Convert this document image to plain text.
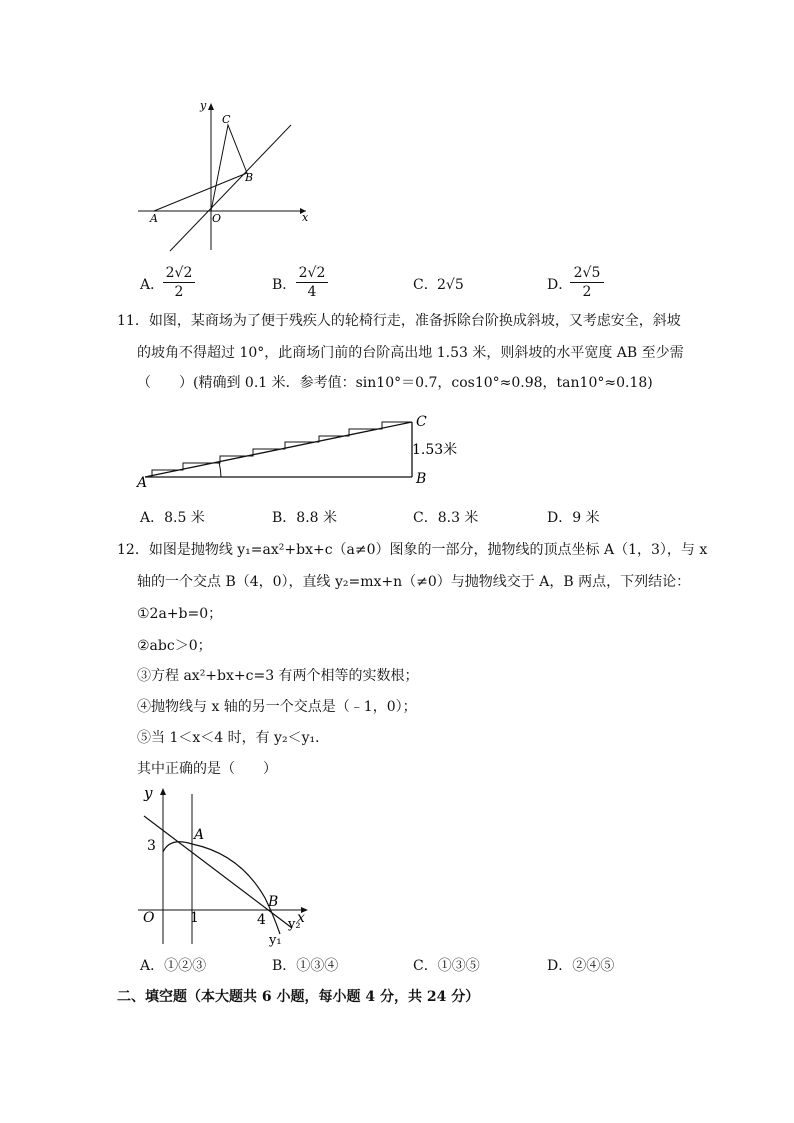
y
x
O
A
B
C
A．
$\frac{2√2}{2}$	B． $\frac{2√2}{4}$	C． 2√5	D．
$\frac{2√5}{2}$
11．如图，某商场为了便于残疾人的轮椅行走，准备拆除台阶换成斜坡，又考虑安全，斜坡
的坡角不得超过 10°，此商场门前的台阶高出地 1.53 米，则斜坡的水平宽度 AB 至少需
（　　）(精确到 0.1 米．参考值：sin10°＝0.7，cos10°≈0.98，tan10°≈0.18)
A	B
C
1.53米
A．8.5 米	B．8.8 米	C．8.3 米	D．9 米
12．如图是抛物线 y₁=ax²+bx+c（a≠0）图象的一部分，抛物线的顶点坐标 A（1，3），与 x
轴的一个交点 B（4，0），直线 y₂=mx+n（≠0）与抛物线交于 A，B 两点，下列结论：
①2a+b=0；
②abc＞0；
③方程 ax²+bx+c=3 有两个相等的实数根；
④抛物线与 x 轴的另一个交点是（﹣1，0）；
⑤当 1＜x＜4 时，有 y₂＜y₁．
其中正确的是（　　）
y
x
O
3
1	4
A
B
y₁
y₂
A．①②③	B．①③④	C．①③⑤	D．②④⑤
二、填空题（本大题共 6 小题，每小题 4 分，共 24 分）
